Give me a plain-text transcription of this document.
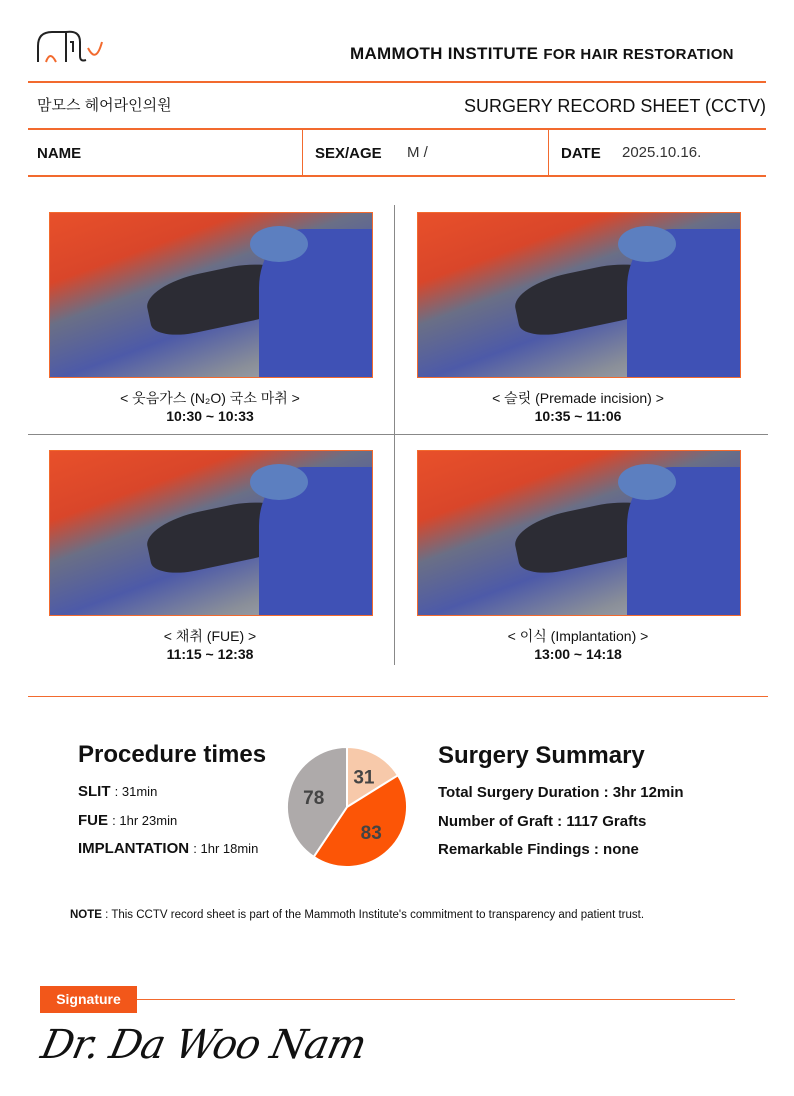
MAMMOTH INSTITUTE FOR HAIR RESTORATION
맘모스 헤어라인의원	SURGERY RECORD SHEET (CCTV)
NAME	SEX/AGE M /	DATE 2025.10.16.
< 웃음가스 (N₂O) 국소 마취 >
10:30 ~ 10:33
< 슬릿 (Premade incision) >
10:35 ~ 11:06
< 채취 (FUE) >
11:15 ~ 12:38
< 이식 (Implantation) >
13:00 ~ 14:18
Procedure times
SLIT : 31min
FUE : 1hr 23min
IMPLANTATION : 1hr 18min
31
83
78
Surgery Summary
Total Surgery Duration : 3hr 12min
Number of Graft : 1117 Grafts
Remarkable Findings : none
NOTE : This CCTV record sheet is part of the Mammoth Institute's commitment to transparency and patient trust.
Signature
Dr. Da Woo Nam
